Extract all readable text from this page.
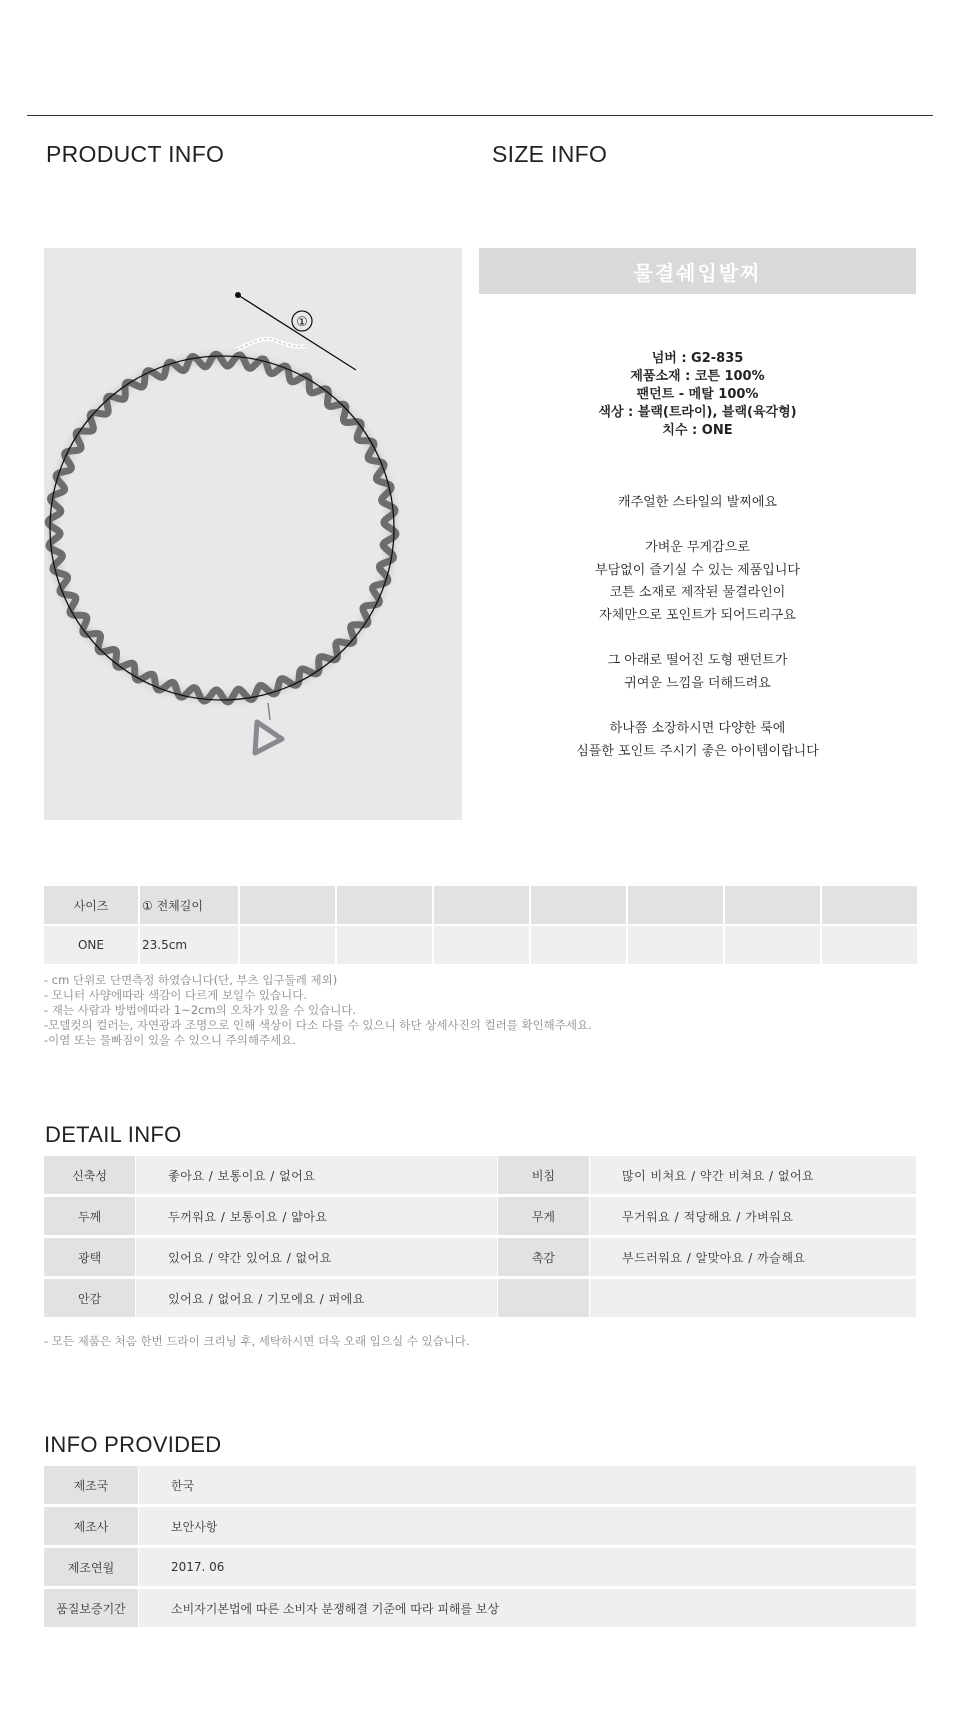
PRODUCT INFO	SIZE INFO
①
물결쉐입발찌
넘버 : G2-835
제품소재 : 코튼 100%
팬던트 - 메탈 100%
색상 : 블랙(트라이), 블랙(육각형)
치수 : ONE

캐주얼한 스타일의 발찌에요

가벼운 무게감으로

부담없이 즐기실 수 있는 제품입니다

코튼 소재로 제작된 물결라인이

자체만으로 포인트가 되어드리구요

그 아래로 떨어진 도형 팬던트가

귀여운 느낌을 더해드려요

하나쯤 소장하시면 다양한 룩에

심플한 포인트 주시기 좋은 아이템이랍니다

사이즈	① 전체길이							
ONE	23.5cm							

- cm 단위로 단면측정 하였습니다(단, 부츠 입구둘레 제외)

- 모니터 사양에따라 색감이 다르게 보일수 있습니다.

- 재는 사람과 방법에따라 1~2cm의 오차가 있을 수 있습니다.

-모델컷의 컬러는, 자연광과 조명으로 인해 색상이 다소 다를 수 있으니 하단 상세사진의 컬러를 확인해주세요.

-이염 또는 물빠짐이 있을 수 있으니 주의해주세요.

DETAIL INFO
신축성	좋아요 / 보통이요 / 없어요		비침	많이 비쳐요 / 약간 비쳐요 / 없어요
두께	두꺼워요 / 보통이요 / 얇아요		무게	무거워요 / 적당해요 / 가벼워요
광택	있어요 / 약간 있어요 / 없어요		촉감	부드러워요 / 알맞아요 / 까슬해요
안감	있어요 / 없어요 / 기모에요 / 퍼에요			
- 모든 제품은 처음 한번 드라이 크리닝 후, 세탁하시면 더욱 오래 입으실 수 있습니다.
INFO PROVIDED
제조국	한국
제조사	보안사항
제조연월	2017. 06
품질보증기간	소비자기본법에 따른 소비자 분쟁해결 기준에 따라 피해를 보상
